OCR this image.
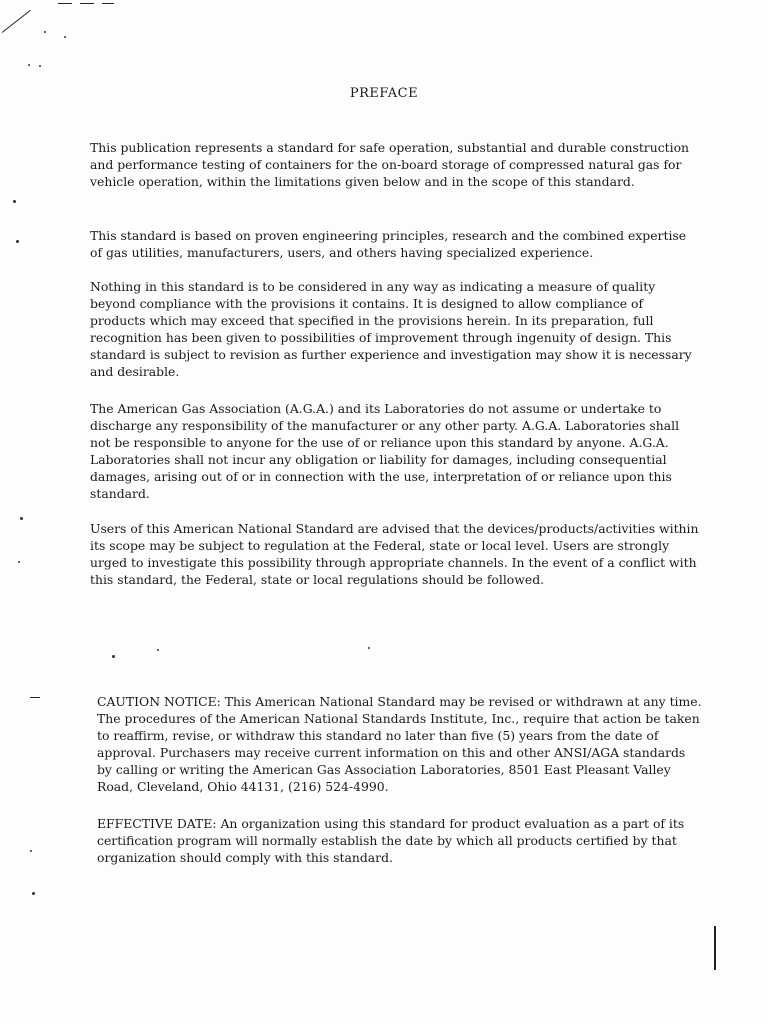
PREFACE

This publication represents a standard for safe operation, substantial and durable construction and performance testing of containers for the on-board storage of compressed natural gas for vehicle operation, within the limitations given below and in the scope of this standard.

This standard is based on proven engineering principles, research and the combined expertise of gas utilities, manufacturers, users, and others having specialized experience.

Nothing in this standard is to be considered in any way as indicating a measure of quality beyond compliance with the provisions it contains. It is designed to allow compliance of products which may exceed that specified in the provisions herein. In its preparation, full recognition has been given to possibilities of improvement through ingenuity of design. This standard is subject to revision as further experience and investigation may show it is necessary and desirable.

The American Gas Association (A.G.A.) and its Laboratories do not assume or undertake to discharge any responsibility of the manufacturer or any other party. A.G.A. Laboratories shall not be responsible to anyone for the use of or reliance upon this standard by anyone. A.G.A. Laboratories shall not incur any obligation or liability for damages, including consequential damages, arising out of or in connection with the use, interpretation of or reliance upon this standard.

Users of this American National Standard are advised that the devices/products/activities within its scope may be subject to regulation at the Federal, state or local level. Users are strongly urged to investigate this possibility through appropriate channels. In the event of a conflict with this standard, the Federal, state or local regulations should be followed.

CAUTION NOTICE: This American National Standard may be revised or withdrawn at any time. The procedures of the American National Standards Institute, Inc., require that action be taken to reaffirm, revise, or withdraw this standard no later than five (5) years from the date of approval. Purchasers may receive current information on this and other ANSI/AGA standards by calling or writing the American Gas Association Laboratories, 8501 East Pleasant Valley Road, Cleveland, Ohio 44131, (216) 524-4990.

EFFECTIVE DATE: An organization using this standard for product evaluation as a part of its certification program will normally establish the date by which all products certified by that organization should comply with this standard.
